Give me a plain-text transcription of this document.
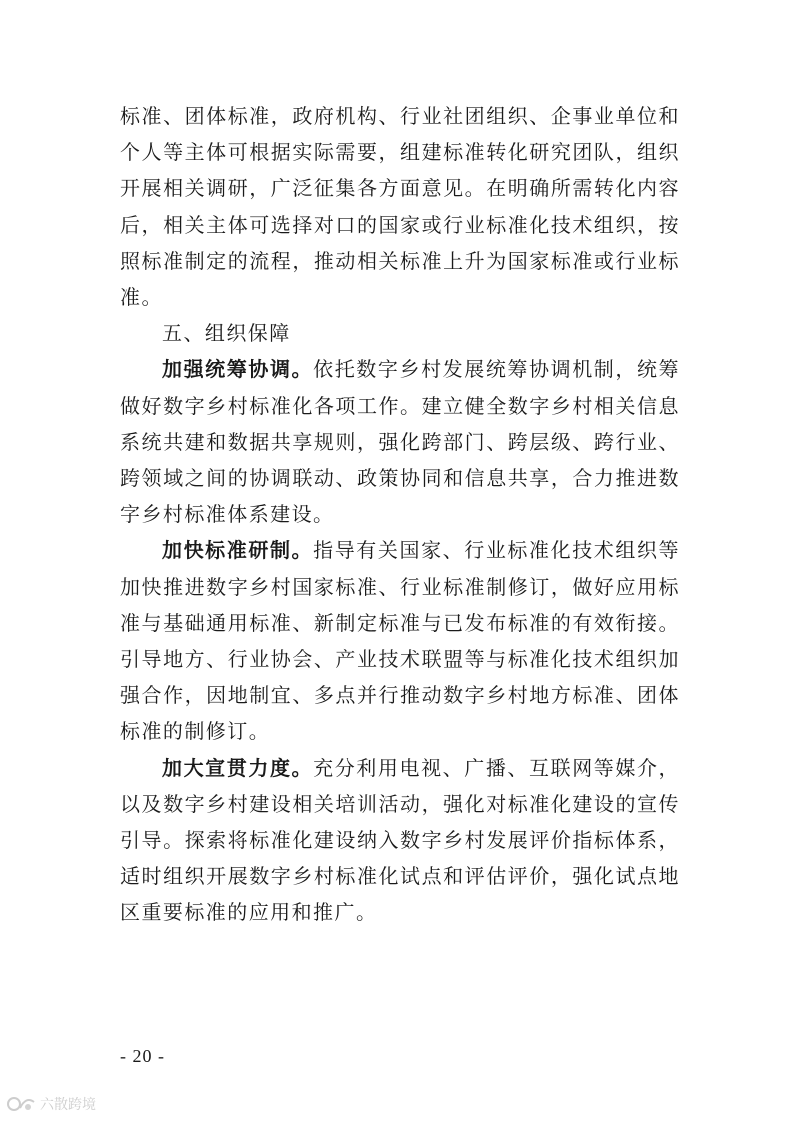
标准、团体标准，政府机构、行业社团组织、企事业单位和个人等主体可根据实际需要，组建标准转化研究团队，组织开展相关调研，广泛征集各方面意见。在明确所需转化内容后，相关主体可选择对口的国家或行业标准化技术组织，按照标准制定的流程，推动相关标准上升为国家标准或行业标准。

五、组织保障

加强统筹协调。依托数字乡村发展统筹协调机制，统筹做好数字乡村标准化各项工作。建立健全数字乡村相关信息系统共建和数据共享规则，强化跨部门、跨层级、跨行业、跨领域之间的协调联动、政策协同和信息共享，合力推进数字乡村标准体系建设。

加快标准研制。指导有关国家、行业标准化技术组织等加快推进数字乡村国家标准、行业标准制修订，做好应用标准与基础通用标准、新制定标准与已发布标准的有效衔接。引导地方、行业协会、产业技术联盟等与标准化技术组织加强合作，因地制宜、多点并行推动数字乡村地方标准、团体标准的制修订。

加大宣贯力度。充分利用电视、广播、互联网等媒介，以及数字乡村建设相关培训活动，强化对标准化建设的宣传引导。探索将标准化建设纳入数字乡村发展评价指标体系，适时组织开展数字乡村标准化试点和评估评价，强化试点地区重要标准的应用和推广。

- 20 -
六散跨境
